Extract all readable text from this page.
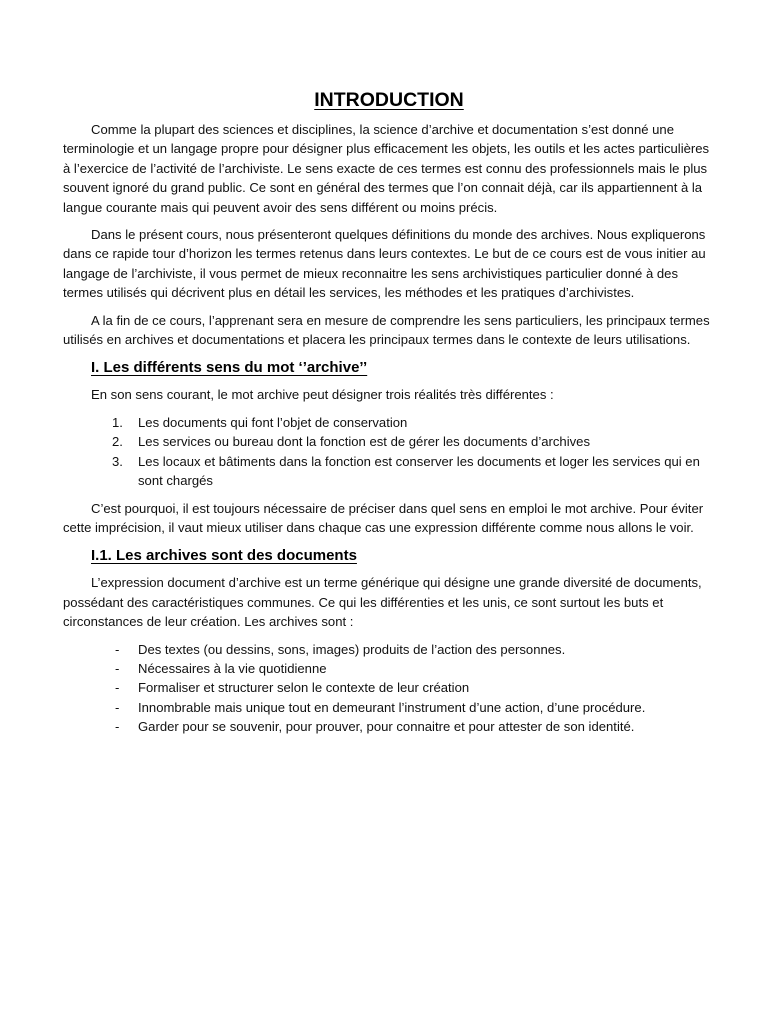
INTRODUCTION

Comme la plupart des sciences et disciplines, la science d’archive et documentation s’est donné une terminologie et un langage propre pour désigner plus efficacement les objets, les outils et les actes particulières à l’exercice de l’activité de l’archiviste. Le sens exacte de ces termes est connu des professionnels mais le plus souvent ignoré du grand public. Ce sont en général des termes que l’on connait déjà, car ils appartiennent à la langue courante mais qui peuvent avoir des sens différent ou moins précis.

Dans le présent cours, nous présenteront quelques définitions du monde des archives. Nous expliquerons dans ce rapide tour d’horizon les termes retenus dans leurs contextes. Le but de ce cours est de vous initier au langage de l’archiviste, il vous permet de mieux reconnaitre les sens archivistiques particulier donné à des termes utilisés qui décrivent plus en détail les services, les méthodes et les pratiques d’archivistes.

A la fin de ce cours, l’apprenant sera en mesure de comprendre les sens particuliers, les principaux termes utilisés en archives et documentations et placera les principaux termes dans le contexte de leurs utilisations.

I. Les différents sens du mot ‘’archive’’

En son sens courant, le mot archive peut désigner trois réalités très différentes :

1. Les documents qui font l’objet de conservation
2. Les services ou bureau dont la fonction est de gérer les documents d’archives
3. Les locaux et bâtiments dans la fonction est conserver les documents et loger les services qui en sont chargés

C’est pourquoi, il est toujours nécessaire de préciser dans quel sens en emploi le mot archive. Pour éviter cette imprécision, il vaut mieux utiliser dans chaque cas une expression différente comme nous allons le voir.

I.1. Les archives sont des documents

L’expression document d’archive est un terme générique qui désigne une grande diversité de documents, possédant des caractéristiques communes. Ce qui les différenties et les unis, ce sont surtout les buts et circonstances de leur création. Les archives sont :

- Des textes (ou dessins, sons, images) produits de l’action des personnes.
- Nécessaires à la vie quotidienne
- Formaliser et structurer selon le contexte de leur création
- Innombrable mais unique tout en demeurant l’instrument d’une action, d’une procédure.
- Garder pour se souvenir, pour prouver, pour connaitre et pour attester de son identité.
